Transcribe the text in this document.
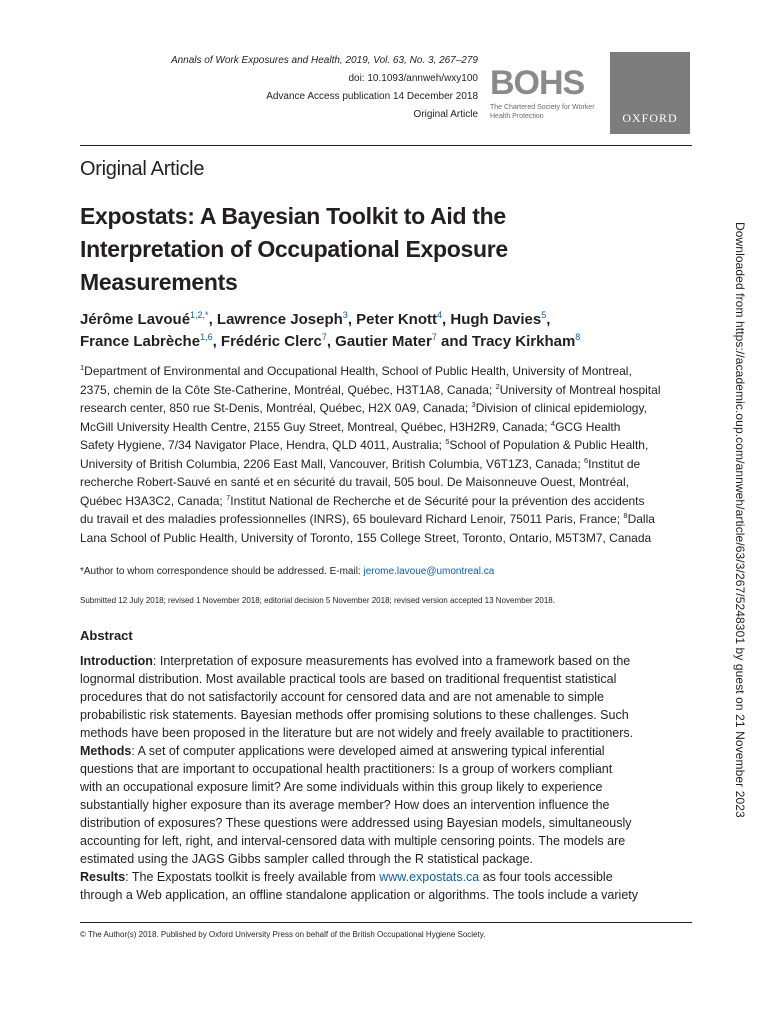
Annals of Work Exposures and Health, 2019, Vol. 63, No. 3, 267–279
doi: 10.1093/annweh/wxy100
Advance Access publication 14 December 2018
Original Article
BOHS
The Chartered Society for Worker Health Protection	OXFORD
Original Article
Expostats: A Bayesian Toolkit to Aid the
Interpretation of Occupational Exposure
Measurements
Jérôme Lavoué$^{1,2,*}$, Lawrence Joseph$^3$, Peter Knott$^4$, Hugh Davies$^5$,
France Labrèche$^{1,6}$, Frédéric Clerc$^7$, Gautier Mater$^7$ and Tracy Kirkham$^8$
$^1$Department of Environmental and Occupational Health, School of Public Health, University of Montreal,
2375, chemin de la Côte Ste-Catherine, Montréal, Québec, H3T1A8, Canada; $^2$University of Montreal hospital
research center, 850 rue St-Denis, Montréal, Québec, H2X 0A9, Canada; $^3$Division of clinical epidemiology,
McGill University Health Centre, 2155 Guy Street, Montreal, Québec, H3H2R9, Canada; $^4$GCG Health
Safety Hygiene, 7/34 Navigator Place, Hendra, QLD 4011, Australia; $^5$School of Population & Public Health,
University of British Columbia, 2206 East Mall, Vancouver, British Columbia, V6T1Z3, Canada; $^6$Institut de
recherche Robert-Sauvé en santé et en sécurité du travail, 505 boul. De Maisonneuve Ouest, Montréal,
Québec H3A3C2, Canada; $^7$Institut National de Recherche et de Sécurité pour la prévention des accidents
du travail et des maladies professionnelles (INRS), 65 boulevard Richard Lenoir, 75011 Paris, France; $^8$Dalla
Lana School of Public Health, University of Toronto, 155 College Street, Toronto, Ontario, M5T3M7, Canada
*Author to whom correspondence should be addressed. E-mail: jerome.lavoue@umontreal.ca
Submitted 12 July 2018; revised 1 November 2018; editorial decision 5 November 2018; revised version accepted 13 November 2018.
Abstract
Introduction: Interpretation of exposure measurements has evolved into a framework based on the
lognormal distribution. Most available practical tools are based on traditional frequentist statistical
procedures that do not satisfactorily account for censored data and are not amenable to simple
probabilistic risk statements. Bayesian methods offer promising solutions to these challenges. Such
methods have been proposed in the literature but are not widely and freely available to practitioners.
Methods: A set of computer applications were developed aimed at answering typical inferential
questions that are important to occupational health practitioners: Is a group of workers compliant
with an occupational exposure limit? Are some individuals within this group likely to experience
substantially higher exposure than its average member? How does an intervention influence the
distribution of exposures? These questions were addressed using Bayesian models, simultaneously
accounting for left, right, and interval-censored data with multiple censoring points. The models are
estimated using the JAGS Gibbs sampler called through the R statistical package.
Results: The Expostats toolkit is freely available from www.expostats.ca as four tools accessible
through a Web application, an offline standalone application or algorithms. The tools include a variety
© The Author(s) 2018. Published by Oxford University Press on behalf of the British Occupational Hygiene Society.
Downloaded from https://academic.oup.com/annweh/article/63/3/267/5248301 by guest on 21 November 2023
